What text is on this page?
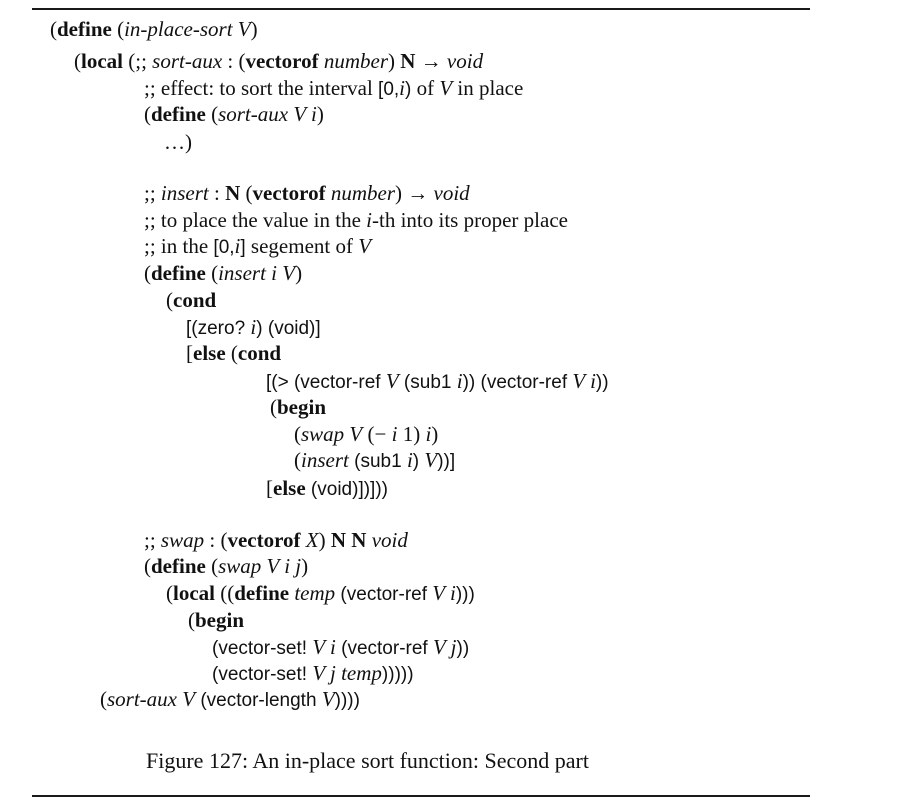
(define (in-place-sort V)
(local (;; sort-aux : (vectorof number) N → void
;; effect: to sort the interval [0,i) of V in place
(define (sort-aux V i)
…)
;; insert : N (vectorof number) → void
;; to place the value in the i-th into its proper place
;; in the [0,i] segement of V
(define (insert i V)
(cond
[(zero? i) (void)]
[else (cond
[(> (vector-ref V (sub1 i)) (vector-ref V i))
(begin
(swap V (− i 1) i)
(insert (sub1 i) V))]
[else (void)])]))
;; swap : (vectorof X) N N void
(define (swap V i j)
(local ((define temp (vector-ref V i)))
(begin
(vector-set! V i (vector-ref V j))
(vector-set! V j temp)))))
(sort-aux V (vector-length V))))
Figure 127: An in-place sort function: Second part
